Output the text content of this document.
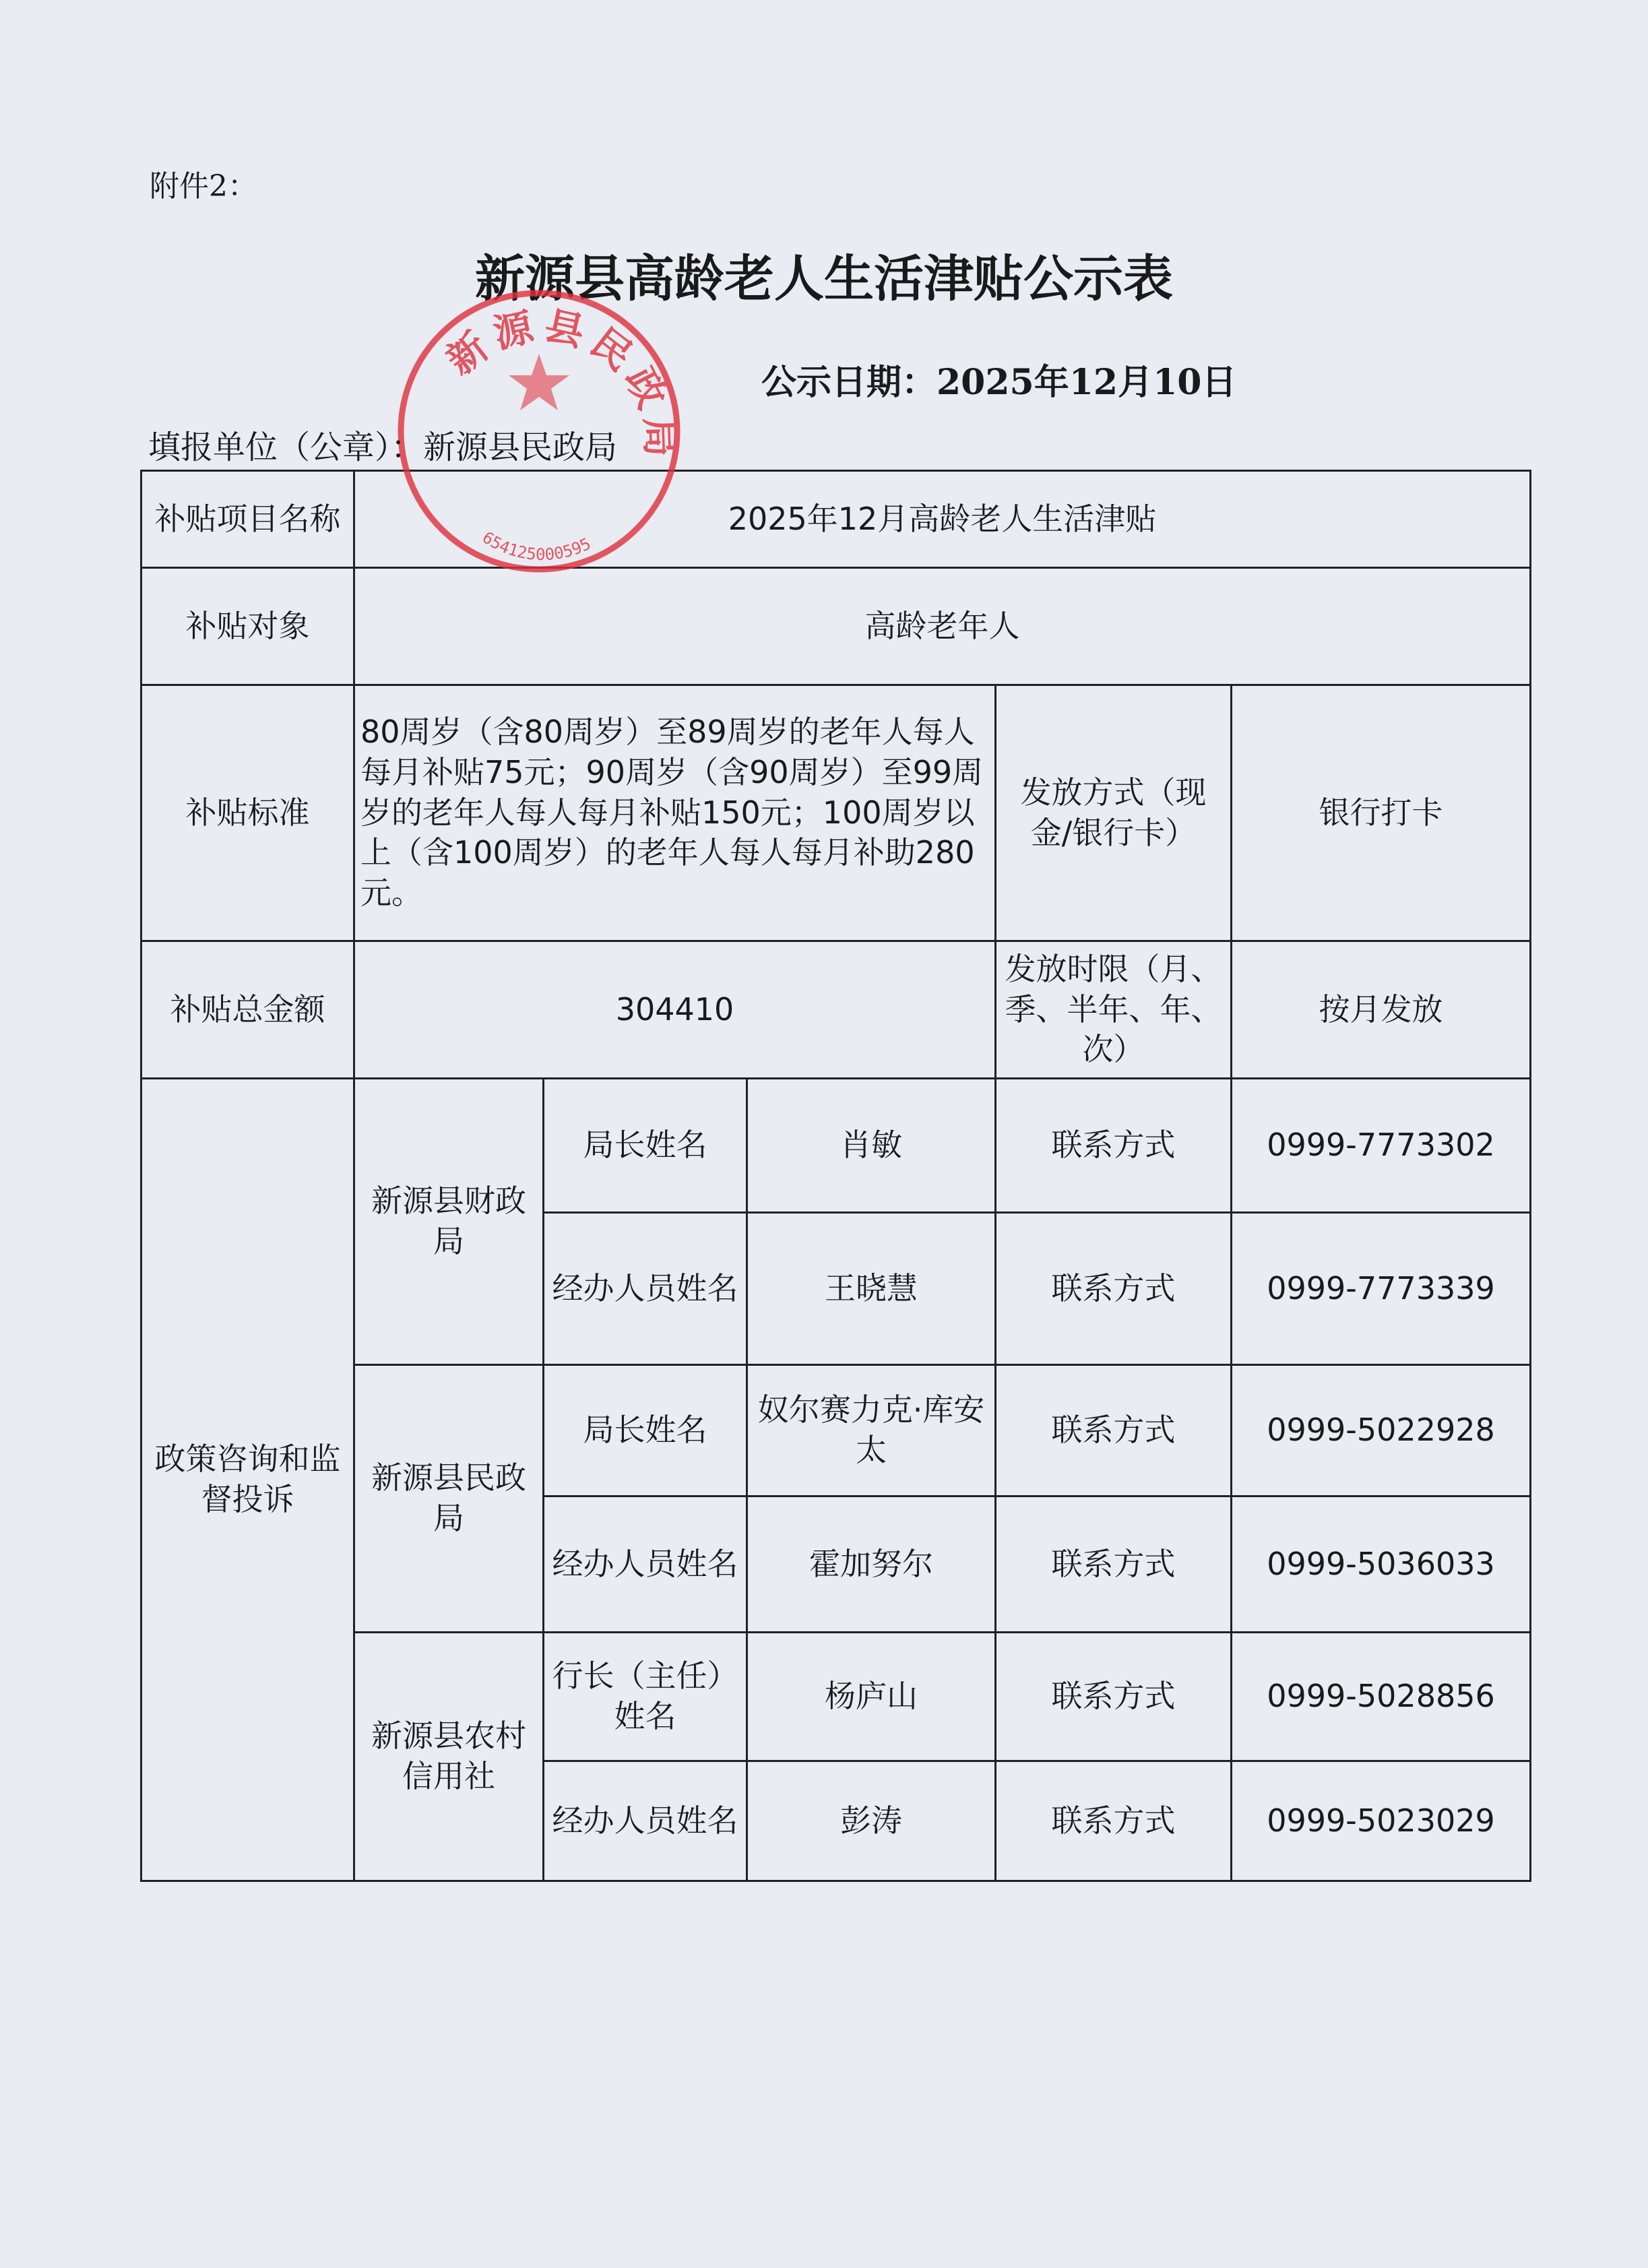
附件2：
新源县高龄老人生活津贴公示表
公示日期：2025年12月10日
填报单位（公章）：新源县民政局
补贴项目名称	2025年12月高龄老人生活津贴				
补贴对象	高龄老年人				
补贴标准	80周岁（含80周岁）至89周岁的老年人每人每月补贴75元；90周岁（含90周岁）至99周岁的老年人每人每月补贴150元；100周岁以上（含100周岁）的老年人每人每月补助280元。			发放方式（现金/银行卡）	银行打卡
补贴总金额	304410			发放时限（月、季、半年、年、次）	按月发放
政策咨询和监督投诉	新源县财政局	局长姓名	肖敏	联系方式	0999-7773302
		经办人员姓名	王晓慧	联系方式	0999-7773339
	新源县民政局	局长姓名	奴尔赛力克·库安太	联系方式	0999-5022928
		经办人员姓名	霍加努尔	联系方式	0999-5036033
	新源县农村信用社	行长（主任）姓名	杨庐山	联系方式	0999-5028856
		经办人员姓名	彭涛	联系方式	0999-5023029
新源县民政局
654125000595
